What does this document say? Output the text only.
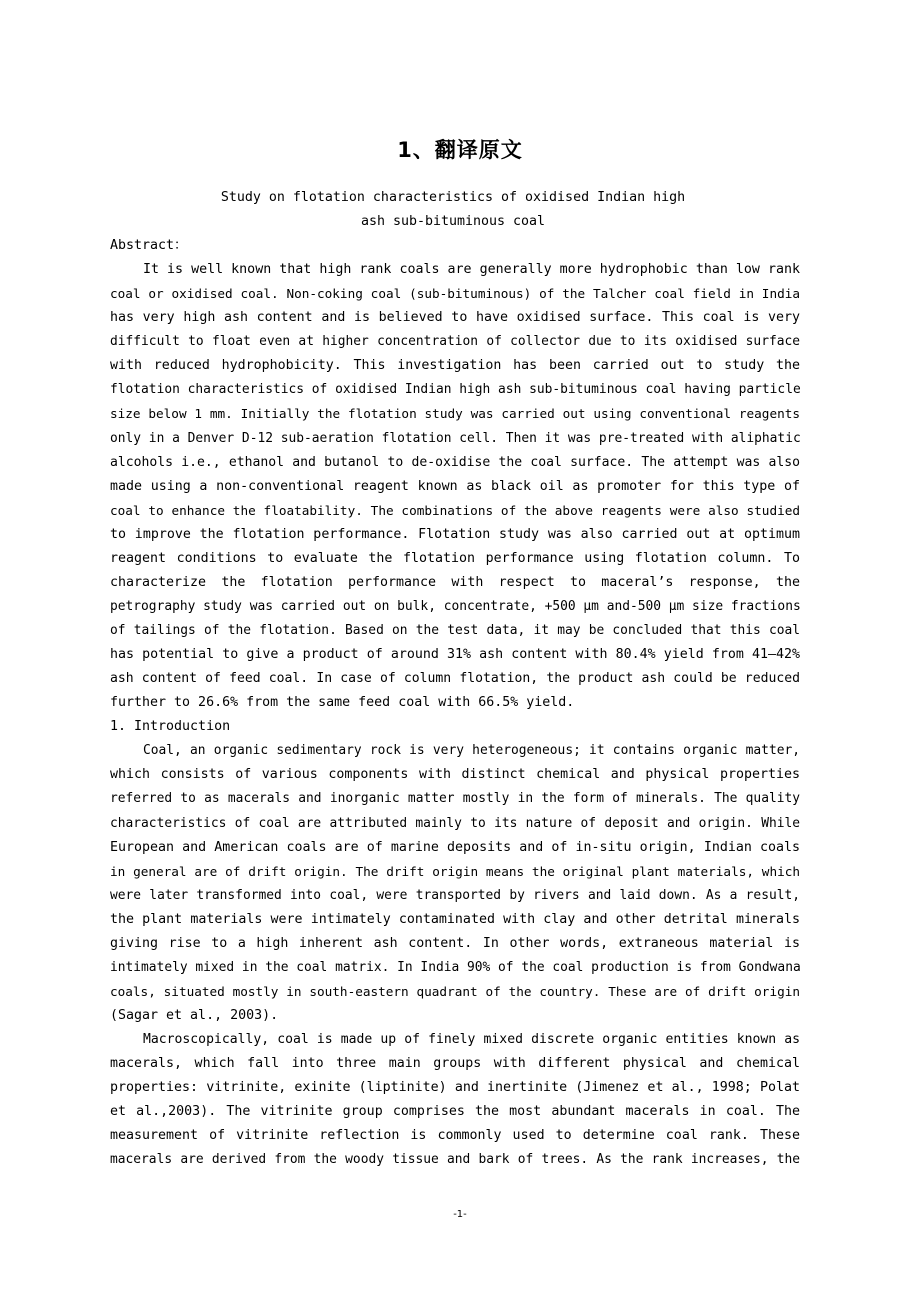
1、翻译原文
Study on flotation characteristics of oxidised Indian high
ash sub-bituminous coal
Abstract：
It is well known that high rank coals are generally more hydrophobic than low rank
coal or oxidised coal. Non-coking coal (sub-bituminous) of the Talcher coal field in India
has very high ash content and is believed to have oxidised surface. This coal is very
difficult to float even at higher concentration of collector due to its oxidised surface
with reduced hydrophobicity. This investigation has been carried out to study the
flotation characteristics of oxidised Indian high ash sub-bituminous coal having particle
size below 1 mm. Initially the flotation study was carried out using conventional reagents
only in a Denver D-12 sub-aeration flotation cell. Then it was pre-treated with aliphatic
alcohols i.e., ethanol and butanol to de-oxidise the coal surface. The attempt was also
made using a non-conventional reagent known as black oil as promoter for this type of
coal to enhance the floatability. The combinations of the above reagents were also studied
to improve the flotation performance. Flotation study was also carried out at optimum
reagent conditions to evaluate the flotation performance using flotation column. To
characterize the flotation performance with respect to maceral’s response, the
petrography study was carried out on bulk, concentrate, +500 μm and-500 μm size fractions
of tailings of the flotation. Based on the test data, it may be concluded that this coal
has potential to give a product of around 31% ash content with 80.4% yield from 41–42%
ash content of feed coal. In case of column flotation, the product ash could be reduced
further to 26.6% from the same feed coal with 66.5% yield.
1. Introduction
Coal, an organic sedimentary rock is very heterogeneous; it contains organic matter,
which consists of various components with distinct chemical and physical properties
referred to as macerals and inorganic matter mostly in the form of minerals. The quality
characteristics of coal are attributed mainly to its nature of deposit and origin. While
European and American coals are of marine deposits and of in-situ origin, Indian coals
in general are of drift origin. The drift origin means the original plant materials, which
were later transformed into coal, were transported by rivers and laid down. As a result,
the plant materials were intimately contaminated with clay and other detrital minerals
giving rise to a high inherent ash content. In other words, extraneous material is
intimately mixed in the coal matrix. In India 90% of the coal production is from Gondwana
coals, situated mostly in south-eastern quadrant of the country. These are of drift origin
(Sagar et al., 2003).
Macroscopically, coal is made up of finely mixed discrete organic entities known as
macerals, which fall into three main groups with different physical and chemical
properties: vitrinite, exinite (liptinite) and inertinite (Jimenez et al., 1998; Polat
et al.,2003). The vitrinite group comprises the most abundant macerals in coal. The
measurement of vitrinite reflection is commonly used to determine coal rank. These
macerals are derived from the woody tissue and bark of trees. As the rank increases, the
-1-
